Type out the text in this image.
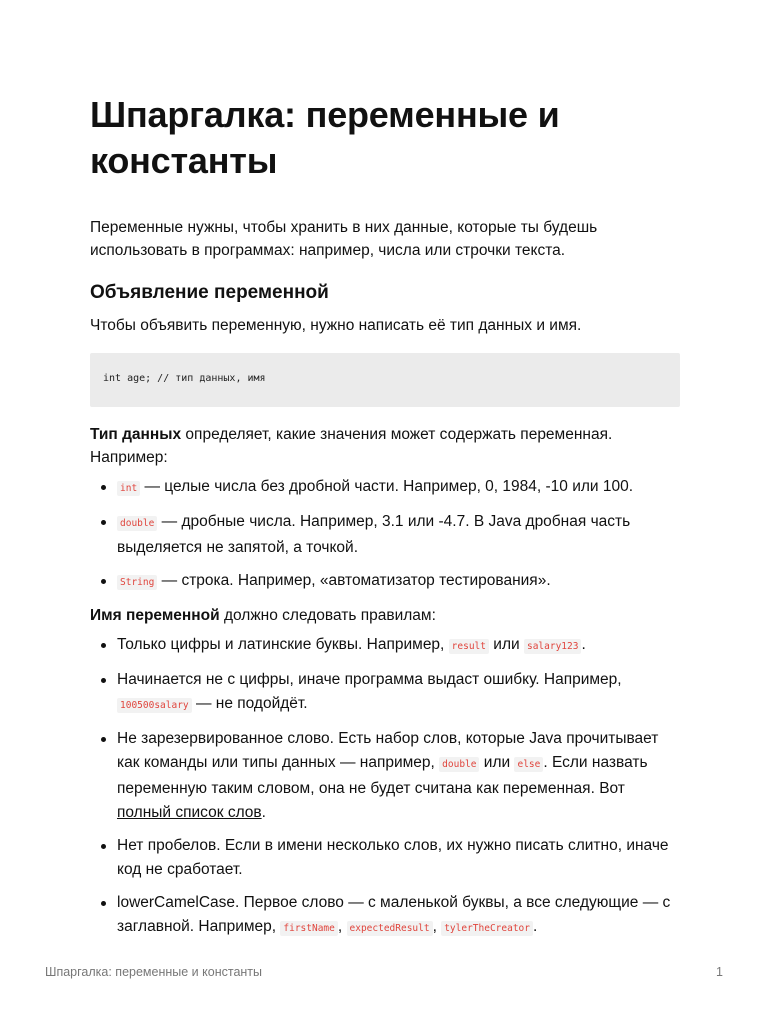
Шпаргалка: переменные и константы

Переменные нужны, чтобы хранить в них данные, которые ты будешь использовать в программах: например, числа или строчки текста.

Объявление переменной

Чтобы объявить переменную, нужно написать её тип данных и имя.

int age; // тип данных, имя

Тип данных определяет, какие значения может содержать переменная. Например:

int — целые числа без дробной части. Например, 0, 1984, -10 или 100.
double — дробные числа. Например, 3.1 или -4.7. В Java дробная часть выделяется не запятой, а точкой.
String — строка. Например, «автоматизатор тестирования».

Имя переменной должно следовать правилам:

Только цифры и латинские буквы. Например, result или salary123 .
Начинается не с цифры, иначе программа выдаст ошибку. Например, 100500salary — не подойдёт.
Не зарезервированное слово. Есть набор слов, которые Java прочитывает как команды или типы данных — например, double или else . Если назвать переменную таким словом, она не будет считана как переменная. Вот полный список слов.
Нет пробелов. Если в имени несколько слов, их нужно писать слитно, иначе код не сработает.
lowerCamelCase. Первое слово — с маленькой буквы, а все следующие — с заглавной. Например, firstName , expectedResult , tylerTheCreator .
Шпаргалка: переменные и константы	1
